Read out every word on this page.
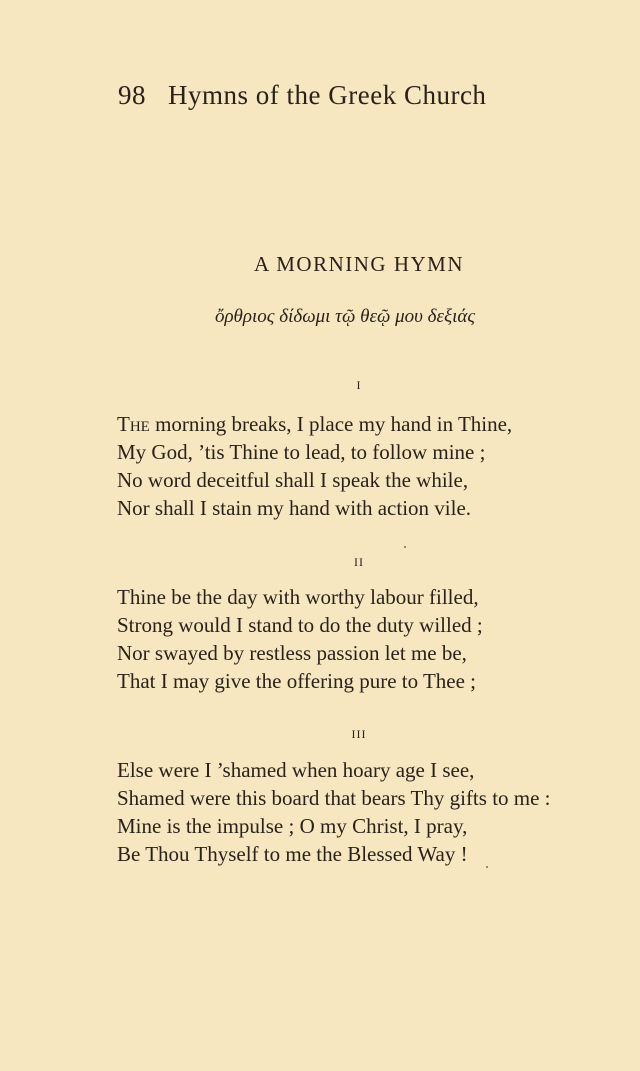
98 Hymns of the Greek Church
A MORNING HYMN
ὄρθριος δίδωμι τῷ θεῷ μου δεξιάς
I
The morning breaks, I place my hand in Thine,
My God, ’tis Thine to lead, to follow mine ;
No word deceitful shall I speak the while,
Nor shall I stain my hand with action vile.
II
Thine be the day with worthy labour filled,
Strong would I stand to do the duty willed ;
Nor swayed by restless passion let me be,
That I may give the offering pure to Thee ;
III
Else were I ’shamed when hoary age I see,
Shamed were this board that bears Thy gifts to me :
Mine is the impulse ; O my Christ, I pray,
Be Thou Thyself to me the Blessed Way !
